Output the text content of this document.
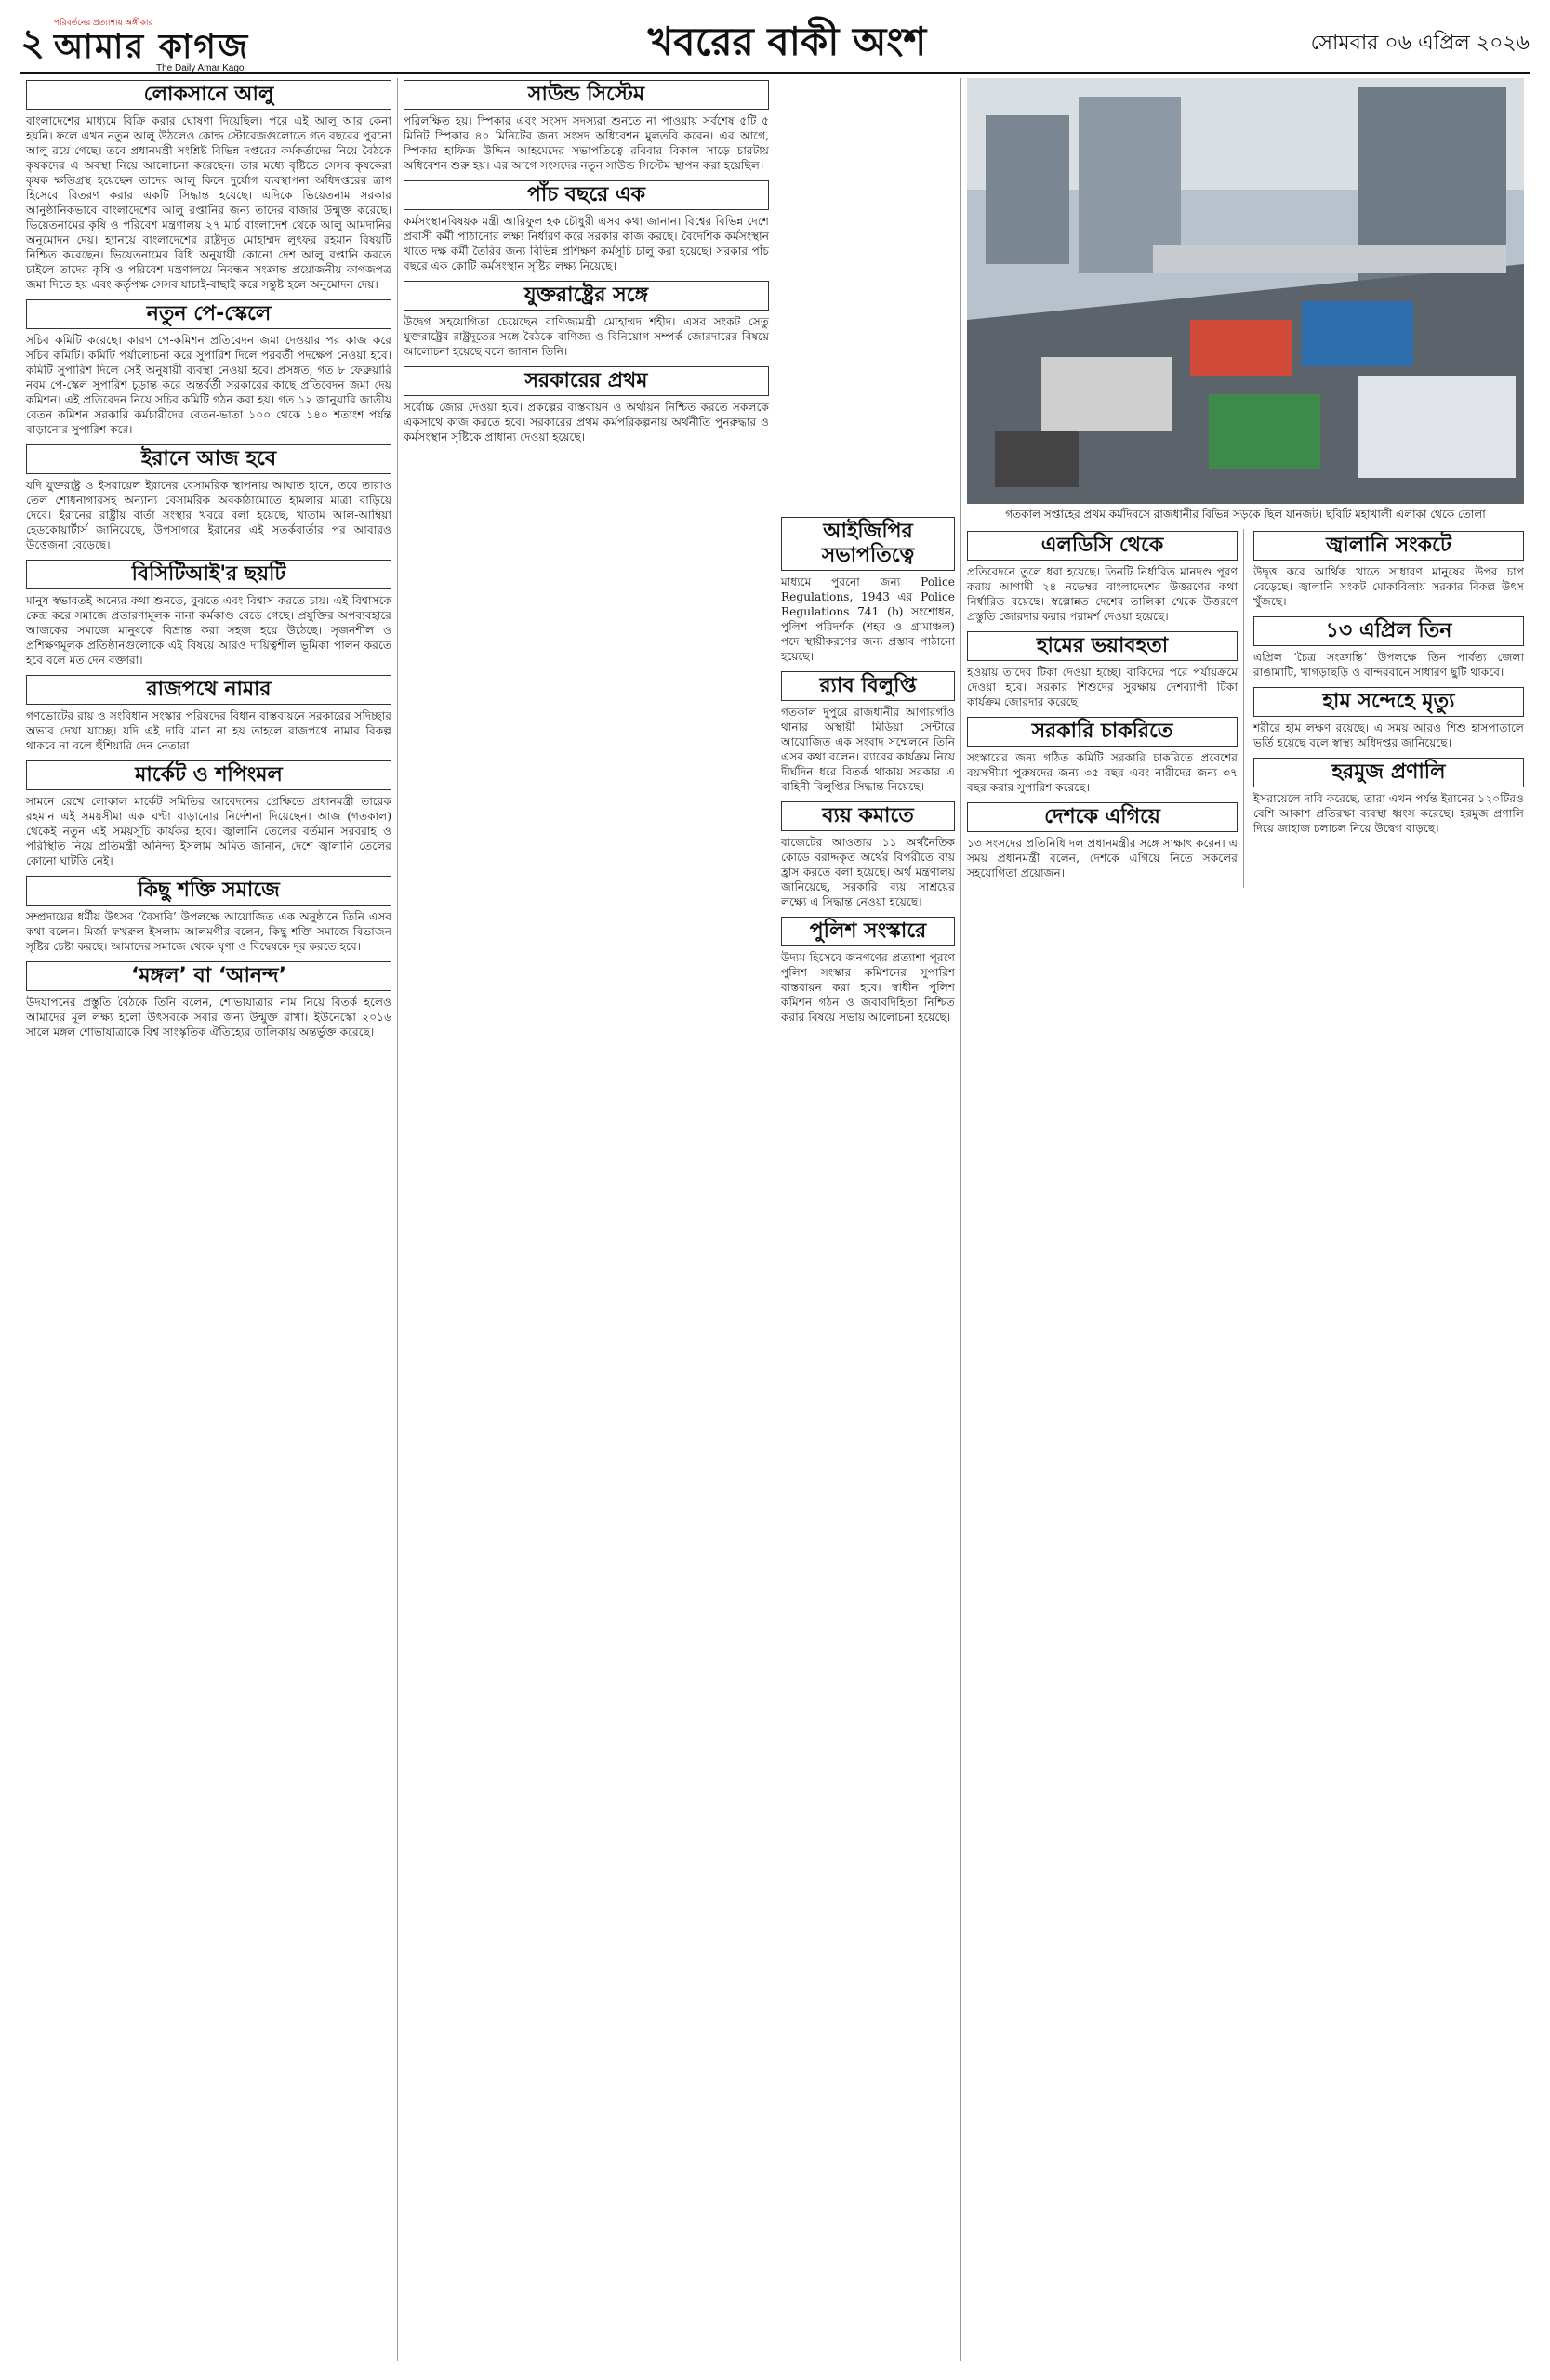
২	পরিবর্তনের প্রত্যাশায় অঙ্গীকার
আমার কাগজ
The Daily Amar Kagoj
খবরের বাকী অংশ	সোমবার ০৬ এপ্রিল ২০২৬
লোকসানে আলু
বাংলাদেশের মাধ্যমে বিক্রি করার ঘোষণা দিয়েছিল। পরে এই আলু আর কেনা হয়নি। ফলে এখন নতুন আলু উঠলেও কোল্ড স্টোরেজগুলোতে গত বছরের পুরনো আলু রয়ে গেছে। তবে প্রধানমন্ত্রী সংশ্লিষ্ট বিভিন্ন দপ্তরের কর্মকর্তাদের নিয়ে বৈঠকে কৃষকদের এ অবস্থা নিয়ে আলোচনা করেছেন। তার মধ্যে বৃষ্টিতে সেসব কৃষকেরা কৃষক ক্ষতিগ্রস্থ হয়েছেন তাদের আলু কিনে দুর্যোগ ব্যবস্থাপনা অধিদপ্তরের ত্রাণ হিসেবে বিতরণ করার একটি সিদ্ধান্ত হয়েছে। এদিকে ভিয়েতনাম সরকার আনুষ্ঠানিকভাবে বাংলাদেশের আলু রপ্তানির জন্য তাদের বাজার উন্মুক্ত করেছে। ভিয়েতনামের কৃষি ও পরিবেশ মন্ত্রণালয় ২৭ মার্চ বাংলাদেশ থেকে আলু আমদানির অনুমোদন দেয়। হ্যানয়ে বাংলাদেশের রাষ্ট্রদূত মোহাম্মদ লুৎফর রহমান বিষয়টি নিশ্চিত করেছেন। ভিয়েতনামের বিধি অনুযায়ী কোনো দেশ আলু রপ্তানি করতে চাইলে তাদের কৃষি ও পরিবেশ মন্ত্রণালয়ে নিবন্ধন সংক্রান্ত প্রয়োজনীয় কাগজপত্র জমা দিতে হয় এবং কর্তৃপক্ষ সেসব যাচাই-বাছাই করে সন্তুষ্ট হলে অনুমোদন দেয়।
নতুন পে-স্কেলে
সচিব কমিটি করেছে। কারণ পে-কমিশন প্রতিবেদন জমা দেওয়ার পর কাজ করে সচিব কমিটি। কমিটি পর্যালোচনা করে সুপারিশ দিলে পরবর্তী পদক্ষেপ নেওয়া হবে। কমিটি সুপারিশ দিলে সেই অনুযায়ী ব্যবস্থা নেওয়া হবে। প্রসঙ্গত, গত ৮ ফেব্রুয়ারি নবম পে-স্কেল সুপারিশ চূড়ান্ত করে অন্তর্বর্তী সরকারের কাছে প্রতিবেদন জমা দেয় কমিশন। এই প্রতিবেদন নিয়ে সচিব কমিটি গঠন করা হয়। গত ১২ জানুয়ারি জাতীয় বেতন কমিশন সরকারি কর্মচারীদের বেতন-ভাতা ১০০ থেকে ১৪০ শতাংশ পর্যন্ত বাড়ানোর সুপারিশ করে।
ইরানে আজ হবে
যদি যুক্তরাষ্ট্র ও ইসরায়েল ইরানের বেসামরিক স্থাপনায় আঘাত হানে, তবে তারাও তেল শোধনাগারসহ অন্যান্য বেসামরিক অবকাঠামোতে হামলার মাত্রা বাড়িয়ে দেবে। ইরানের রাষ্ট্রীয় বার্তা সংস্থার খবরে বলা হয়েছে, খাতাম আল-আম্বিয়া হেডকোয়ার্টার্স জানিয়েছে, উপসাগরে ইরানের এই সতর্কবার্তার পর আবারও উত্তেজনা বেড়েছে।
বিসিটিআই'র ছয়টি
মানুষ স্বভাবতই অন্যের কথা শুনতে, বুঝতে এবং বিশ্বাস করতে চায়। এই বিশ্বাসকে কেন্দ্র করে সমাজে প্রতারণামূলক নানা কর্মকাণ্ড বেড়ে গেছে। প্রযুক্তির অপব্যবহারে আজকের সমাজে মানুষকে বিভ্রান্ত করা সহজ হয়ে উঠেছে। সৃজনশীল ও প্রশিক্ষণমূলক প্রতিষ্ঠানগুলোকে এই বিষয়ে আরও দায়িত্বশীল ভূমিকা পালন করতে হবে বলে মত দেন বক্তারা।
রাজপথে নামার
গণভোটের রায় ও সংবিধান সংস্কার পরিষদের বিধান বাস্তবায়নে সরকারের সদিচ্ছার অভাব দেখা যাচ্ছে। যদি এই দাবি মানা না হয় তাহলে রাজপথে নামার বিকল্প থাকবে না বলে হুঁশিয়ারি দেন নেতারা।
মার্কেট ও শপিংমল
সামনে রেখে লোকাল মার্কেট সমিতির আবেদনের প্রেক্ষিতে প্রধানমন্ত্রী তারেক রহমান এই সময়সীমা এক ঘণ্টা বাড়ানোর নির্দেশনা দিয়েছেন। আজ (গতকাল) থেকেই নতুন এই সময়সূচি কার্যকর হবে। জ্বালানি তেলের বর্তমান সরবরাহ ও পরিস্থিতি নিয়ে প্রতিমন্ত্রী অনিন্দ্য ইসলাম অমিত জানান, দেশে জ্বালানি তেলের কোনো ঘাটতি নেই।
কিছু শক্তি সমাজে
সম্প্রদায়ের ধর্মীয় উৎসব ‘বৈসাবি’ উপলক্ষে আয়োজিত এক অনুষ্ঠানে তিনি এসব কথা বলেন। মির্জা ফখরুল ইসলাম আলমগীর বলেন, কিছু শক্তি সমাজে বিভাজন সৃষ্টির চেষ্টা করছে। আমাদের সমাজে থেকে ঘৃণা ও বিদ্বেষকে দূর করতে হবে।
‘মঙ্গল’ বা ‘আনন্দ’
উদযাপনের প্রস্তুতি বৈঠকে তিনি বলেন, শোভাযাত্রার নাম নিয়ে বিতর্ক হলেও আমাদের মূল লক্ষ্য হলো উৎসবকে সবার জন্য উন্মুক্ত রাখা। ইউনেস্কো ২০১৬ সালে মঙ্গল শোভাযাত্রাকে বিশ্ব সাংস্কৃতিক ঐতিহ্যের তালিকায় অন্তর্ভুক্ত করেছে।
সাউন্ড সিস্টেম
পরিলক্ষিত হয়। স্পিকার এবং সংসদ সদস্যরা শুনতে না পাওয়ায় সর্বশেষ ৫টি ৫ মিনিট স্পিকার ৪০ মিনিটের জন্য সংসদ অধিবেশন মুলতবি করেন। এর আগে, স্পিকার হাফিজ উদ্দিন আহমেদের সভাপতিত্বে রবিবার বিকাল সাড়ে চারটায় অধিবেশন শুরু হয়। এর আগে সংসদের নতুন সাউন্ড সিস্টেম স্থাপন করা হয়েছিল।
পাঁচ বছরে এক
কর্মসংস্থানবিষয়ক মন্ত্রী আরিফুল হক চৌধুরী এসব কথা জানান। বিশ্বের বিভিন্ন দেশে প্রবাসী কর্মী পাঠানোর লক্ষ্য নির্ধারণ করে সরকার কাজ করছে। বৈদেশিক কর্মসংস্থান খাতে দক্ষ কর্মী তৈরির জন্য বিভিন্ন প্রশিক্ষণ কর্মসূচি চালু করা হয়েছে। সরকার পাঁচ বছরে এক কোটি কর্মসংস্থান সৃষ্টির লক্ষ্য নিয়েছে।
যুক্তরাষ্ট্রের সঙ্গে
উদ্বেগ সহযোগিতা চেয়েছেন বাণিজ্যমন্ত্রী মোহাম্মদ শহীদ। এসব সংকট সেতু যুক্তরাষ্ট্রের রাষ্ট্রদূতের সঙ্গে বৈঠকে বাণিজ্য ও বিনিয়োগ সম্পর্ক জোরদারের বিষয়ে আলোচনা হয়েছে বলে জানান তিনি।
সরকারের প্রথম
সর্বোচ্চ জোর দেওয়া হবে। প্রকল্পের বাস্তবায়ন ও অর্থায়ন নিশ্চিত করতে সকলকে একসাথে কাজ করতে হবে। সরকারের প্রথম কর্মপরিকল্পনায় অর্থনীতি পুনরুদ্ধার ও কর্মসংস্থান সৃষ্টিকে প্রাধান্য দেওয়া হয়েছে।
আইজিপির সভাপতিত্বে
মাধ্যমে পুরনো জন্য Police Regulations, 1943 এর Police Regulations 741 (b) সংশোধন, পুলিশ পরিদর্শক (শহর ও গ্রামাঞ্চল) পদে স্থায়ীকরণের জন্য প্রস্তাব পাঠানো হয়েছে।
র‍্যাব বিলুপ্তি
গতকাল দুপুরে রাজধানীর আগারগাঁও থানার অস্থায়ী মিডিয়া সেন্টারে আয়োজিত এক সংবাদ সম্মেলনে তিনি এসব কথা বলেন। র‍্যাবের কার্যক্রম নিয়ে দীর্ঘদিন ধরে বিতর্ক থাকায় সরকার এ বাহিনী বিলুপ্তির সিদ্ধান্ত নিয়েছে।
ব্যয় কমাতে
বাজেটের আওতায় ১১ অর্থনৈতিক কোডে বরাদ্দকৃত অর্থের বিপরীতে ব্যয় হ্রাস করতে বলা হয়েছে। অর্থ মন্ত্রণালয় জানিয়েছে, সরকারি ব্যয় সাশ্রয়ের লক্ষ্যে এ সিদ্ধান্ত নেওয়া হয়েছে।
পুলিশ সংস্কারে
উদ্যম হিসেবে জনগণের প্রত্যাশা পূরণে পুলিশ সংস্কার কমিশনের সুপারিশ বাস্তবায়ন করা হবে। স্বাধীন পুলিশ কমিশন গঠন ও জবাবদিহিতা নিশ্চিত করার বিষয়ে সভায় আলোচনা হয়েছে।
গতকাল সপ্তাহের প্রথম কর্মদিবসে রাজধানীর বিভিন্ন সড়কে ছিল যানজট। ছবিটি মহাখালী এলাকা থেকে তোলা
এলডিসি থেকে
প্রতিবেদনে তুলে ধরা হয়েছে। তিনটি নির্ধারিত মানদণ্ড পূরণ করায় আগামী ২৪ নভেম্বর বাংলাদেশের উত্তরণের কথা নির্ধারিত রয়েছে। স্বল্পোন্নত দেশের তালিকা থেকে উত্তরণে প্রস্তুতি জোরদার করার পরামর্শ দেওয়া হয়েছে।
হামের ভয়াবহতা
হওয়ায় তাদের টিকা দেওয়া হচ্ছে। বাকিদের পরে পর্যায়ক্রমে দেওয়া হবে। সরকার শিশুদের সুরক্ষায় দেশব্যাপী টিকা কার্যক্রম জোরদার করেছে।
সরকারি চাকরিতে
সংস্কারের জন্য গঠিত কমিটি সরকারি চাকরিতে প্রবেশের বয়সসীমা পুরুষদের জন্য ৩৫ বছর এবং নারীদের জন্য ৩৭ বছর করার সুপারিশ করেছে।
দেশকে এগিয়ে
১৩ সংসদের প্রতিনিধি দল প্রধানমন্ত্রীর সঙ্গে সাক্ষাৎ করেন। এ সময় প্রধানমন্ত্রী বলেন, দেশকে এগিয়ে নিতে সকলের সহযোগিতা প্রয়োজন।
জ্বালানি সংকটে
উদ্বৃত্ত করে আর্থিক খাতে সাধারণ মানুষের উপর চাপ বেড়েছে। জ্বালানি সংকট মোকাবিলায় সরকার বিকল্প উৎস খুঁজছে।
১৩ এপ্রিল তিন
এপ্রিল ‘চৈত্র সংক্রান্তি’ উপলক্ষে তিন পার্বত্য জেলা রাঙামাটি, খাগড়াছড়ি ও বান্দরবানে সাধারণ ছুটি থাকবে।
হাম সন্দেহে মৃত্যু
শরীরে হাম লক্ষণ রয়েছে। এ সময় আরও শিশু হাসপাতালে ভর্তি হয়েছে বলে স্বাস্থ্য অধিদপ্তর জানিয়েছে।
হরমুজ প্রণালি
ইসরায়েলে দাবি করেছে, তারা এখন পর্যন্ত ইরানের ১২০টিরও বেশি আকাশ প্রতিরক্ষা ব্যবস্থা ধ্বংস করেছে। হরমুজ প্রণালি দিয়ে জাহাজ চলাচল নিয়ে উদ্বেগ বাড়ছে।
